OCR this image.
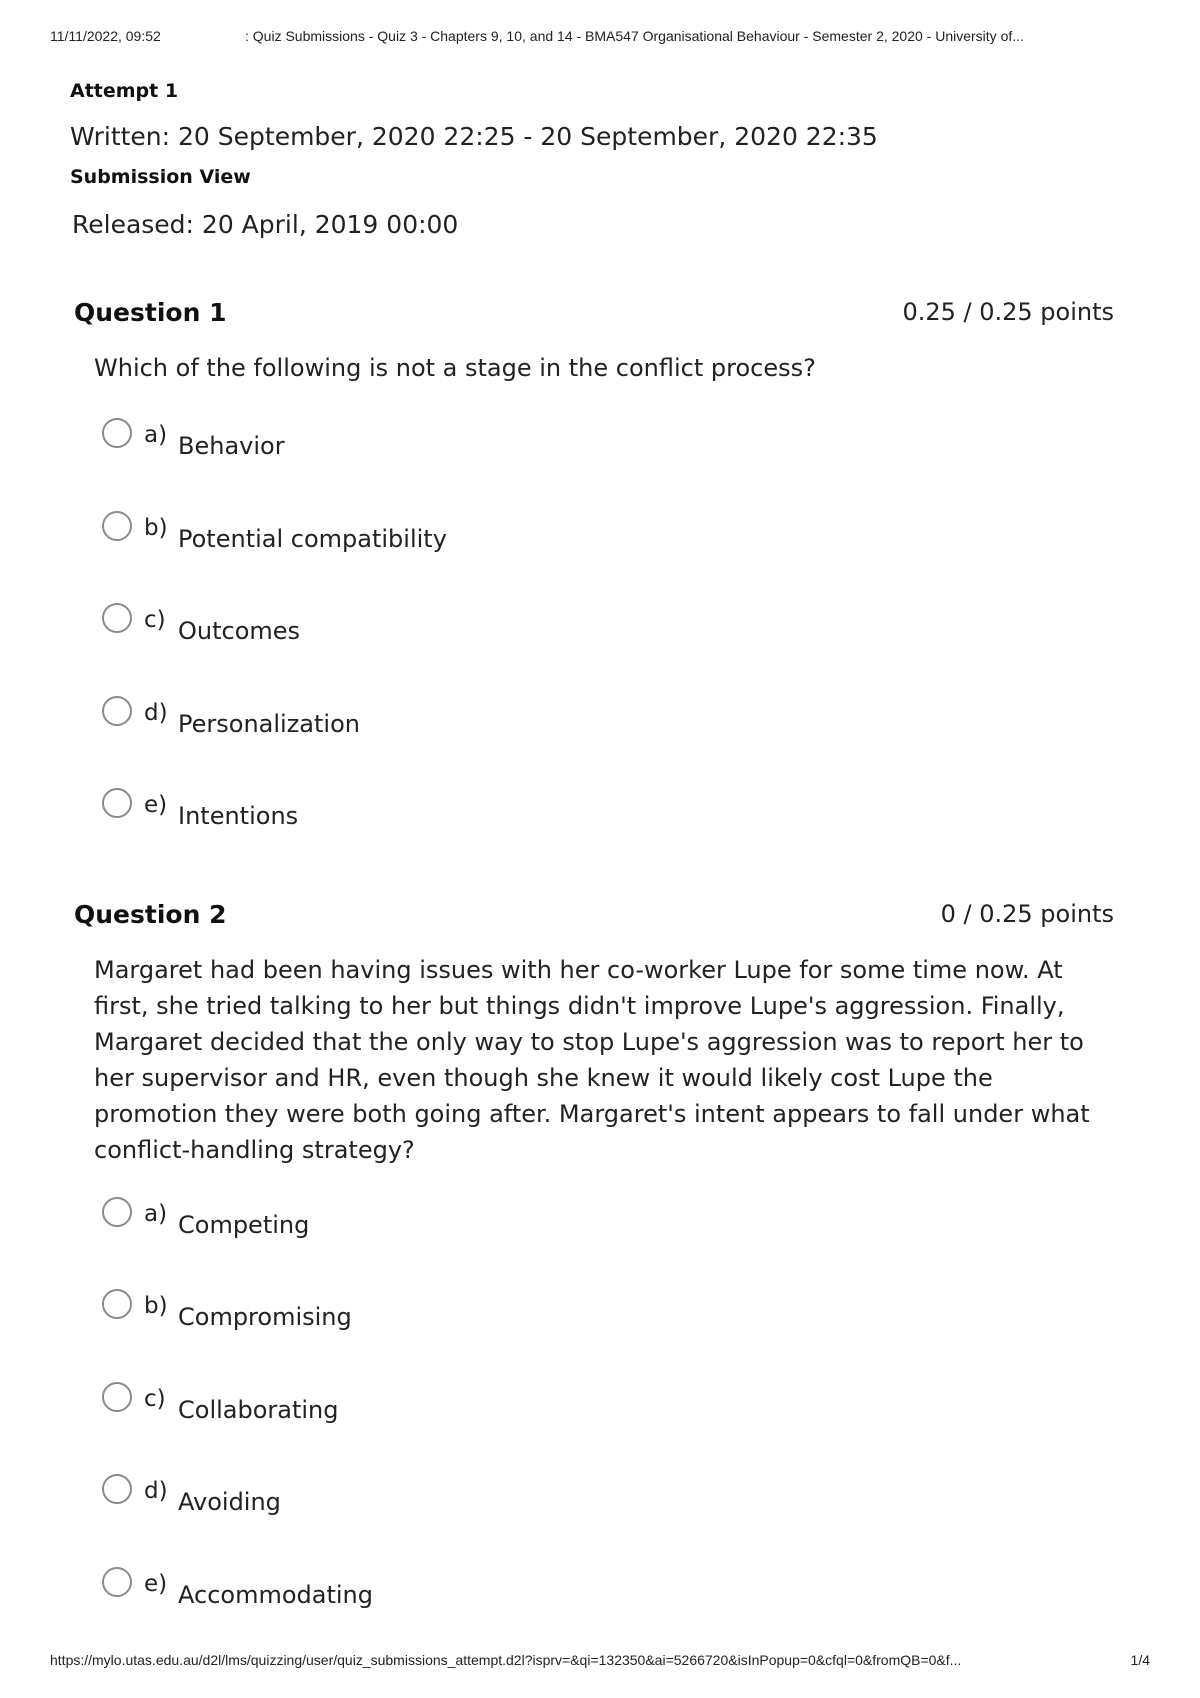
11/11/2022, 09:52	: Quiz Submissions - Quiz 3 - Chapters 9, 10, and 14 - BMA547 Organisational Behaviour - Semester 2, 2020 - University of...
Attempt 1
Written: 20 September, 2020 22:25 - 20 September, 2020 22:35
Submission View
Released: 20 April, 2019 00:00
Question 1	0.25 / 0.25 points
Which of the following is not a stage in the conflict process?
a) Behavior
b) Potential compatibility
c) Outcomes
d) Personalization
e) Intentions
Question 2	0 / 0.25 points
Margaret had been having issues with her co-worker Lupe for some time now. At
first, she tried talking to her but things didn't improve Lupe's aggression. Finally,
Margaret decided that the only way to stop Lupe's aggression was to report her to
her supervisor and HR, even though she knew it would likely cost Lupe the
promotion they were both going after. Margaret's intent appears to fall under what
conflict-handling strategy?
a) Competing
b) Compromising
c) Collaborating
d) Avoiding
e) Accommodating
https://mylo.utas.edu.au/d2l/lms/quizzing/user/quiz_submissions_attempt.d2l?isprv=&qi=132350&ai=5266720&isInPopup=0&cfql=0&fromQB=0&f...	1/4
